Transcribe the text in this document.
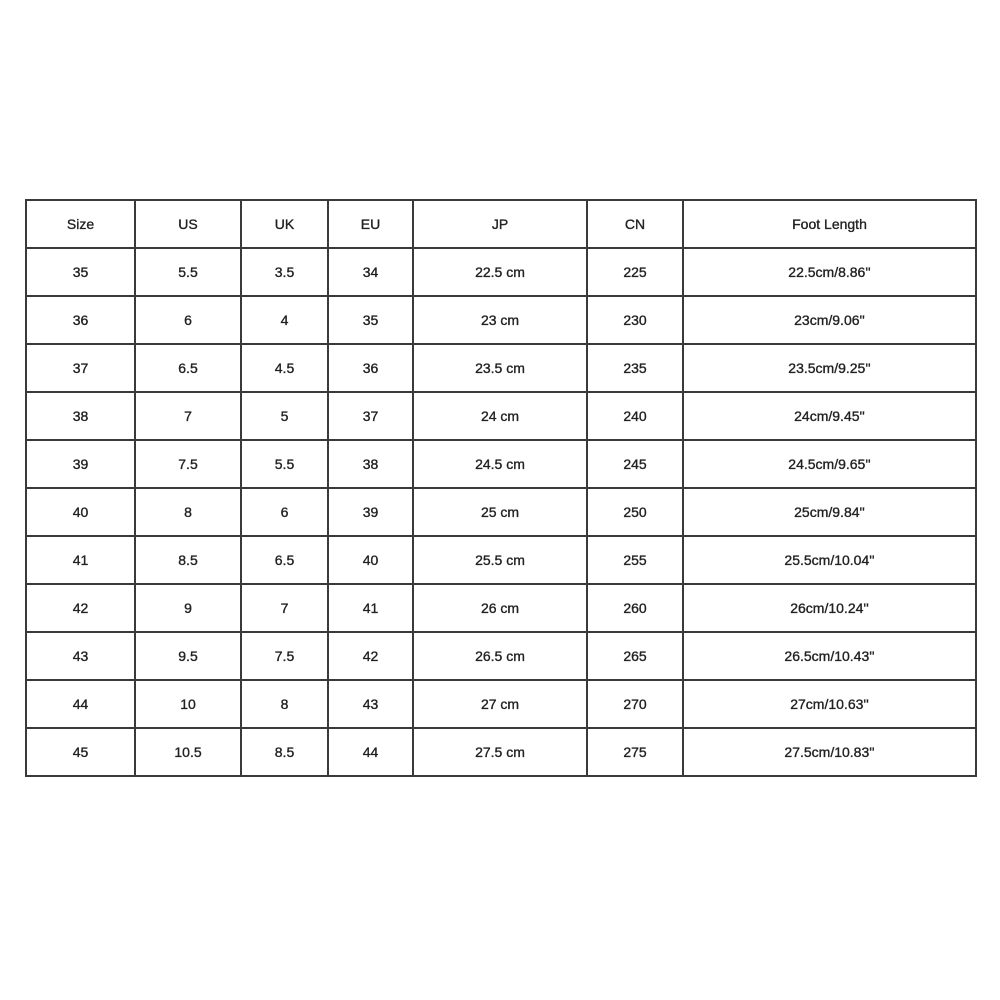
Size	US	UK	EU	JP	CN	Foot Length
35	5.5	3.5	34	22.5 cm	225	22.5cm/8.86''
36	6	4	35	23 cm	230	23cm/9.06''
37	6.5	4.5	36	23.5 cm	235	23.5cm/9.25''
38	7	5	37	24 cm	240	24cm/9.45''
39	7.5	5.5	38	24.5 cm	245	24.5cm/9.65''
40	8	6	39	25 cm	250	25cm/9.84''
41	8.5	6.5	40	25.5 cm	255	25.5cm/10.04''
42	9	7	41	26 cm	260	26cm/10.24''
43	9.5	7.5	42	26.5 cm	265	26.5cm/10.43''
44	10	8	43	27 cm	270	27cm/10.63''
45	10.5	8.5	44	27.5 cm	275	27.5cm/10.83''
